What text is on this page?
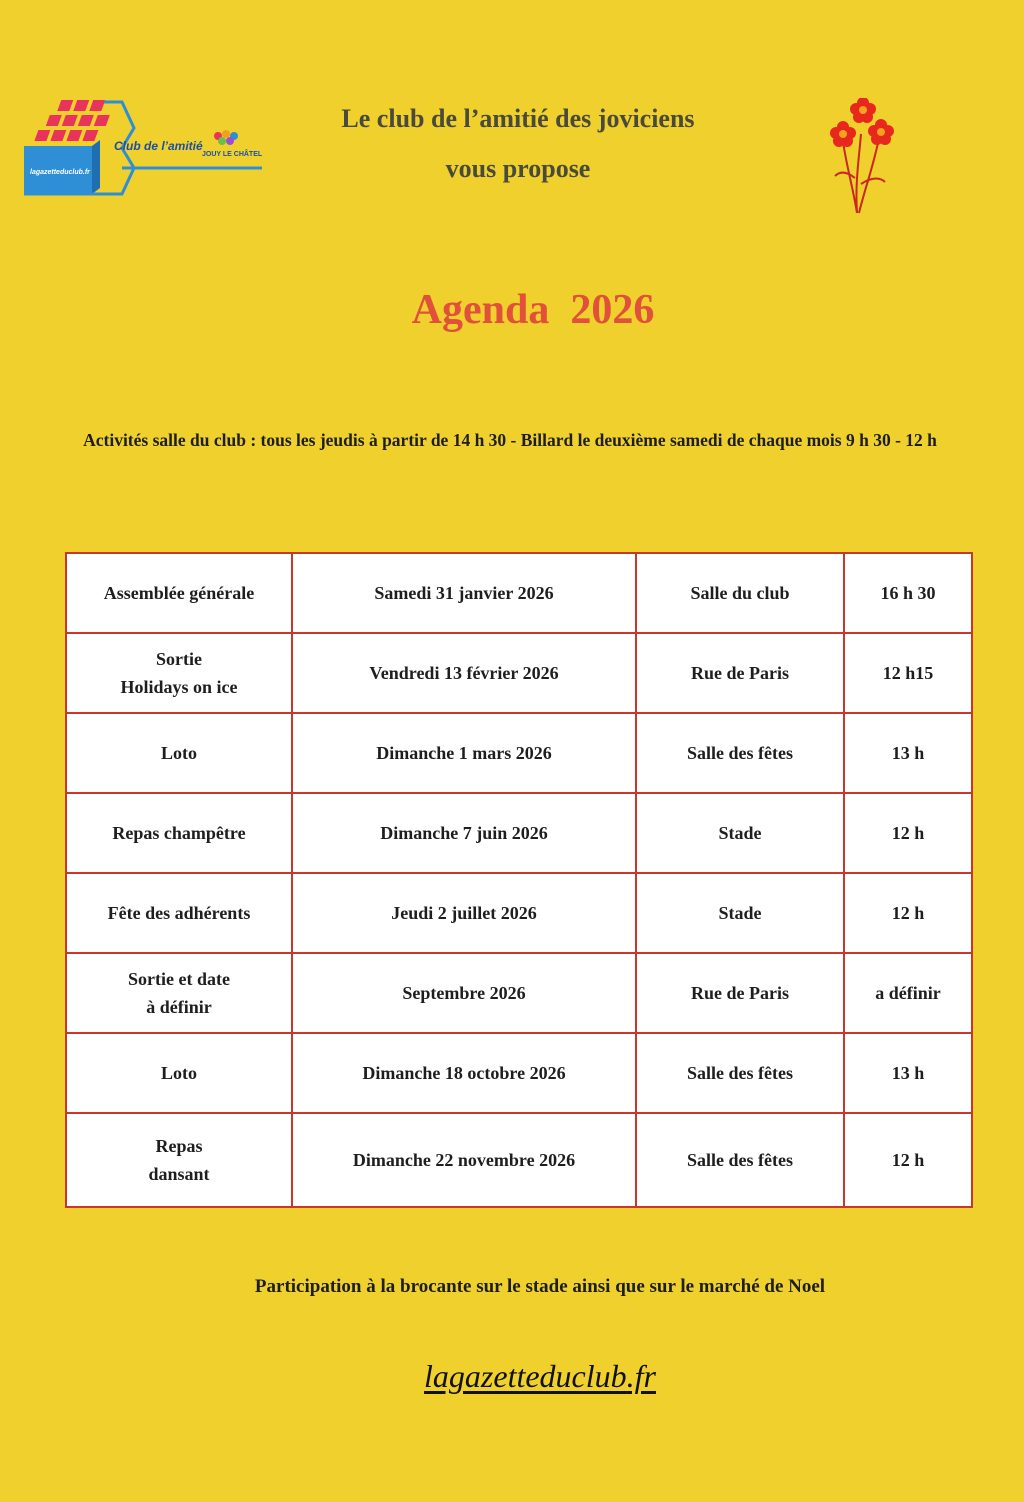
Club de l’amitié
lagazetteduclub.fr
JOUY LE CHÂTEL

Le club de l’amitié des joviciens

vous propose

Agenda  2026

Activités salle du club : tous les jeudis à partir de 14 h 30 - Billard le deuxième samedi de chaque mois 9 h 30 - 12 h

Assemblée générale	Samedi 31 janvier 2026	Salle du club	16 h 30
Sortie
Holidays on ice	Vendredi 13 février 2026	Rue de Paris	12 h15
Loto	Dimanche 1 mars 2026	Salle des fêtes	13 h
Repas champêtre	Dimanche 7 juin 2026	Stade	12 h
Fête des adhérents	Jeudi 2 juillet 2026	Stade	12 h
Sortie et date
à définir	Septembre 2026	Rue de Paris	a définir
Loto	Dimanche 18 octobre 2026	Salle des fêtes	13 h
Repas
dansant	Dimanche 22 novembre 2026	Salle des fêtes	12 h

Participation à la brocante sur le stade ainsi que sur le marché de Noel

lagazetteduclub.fr
